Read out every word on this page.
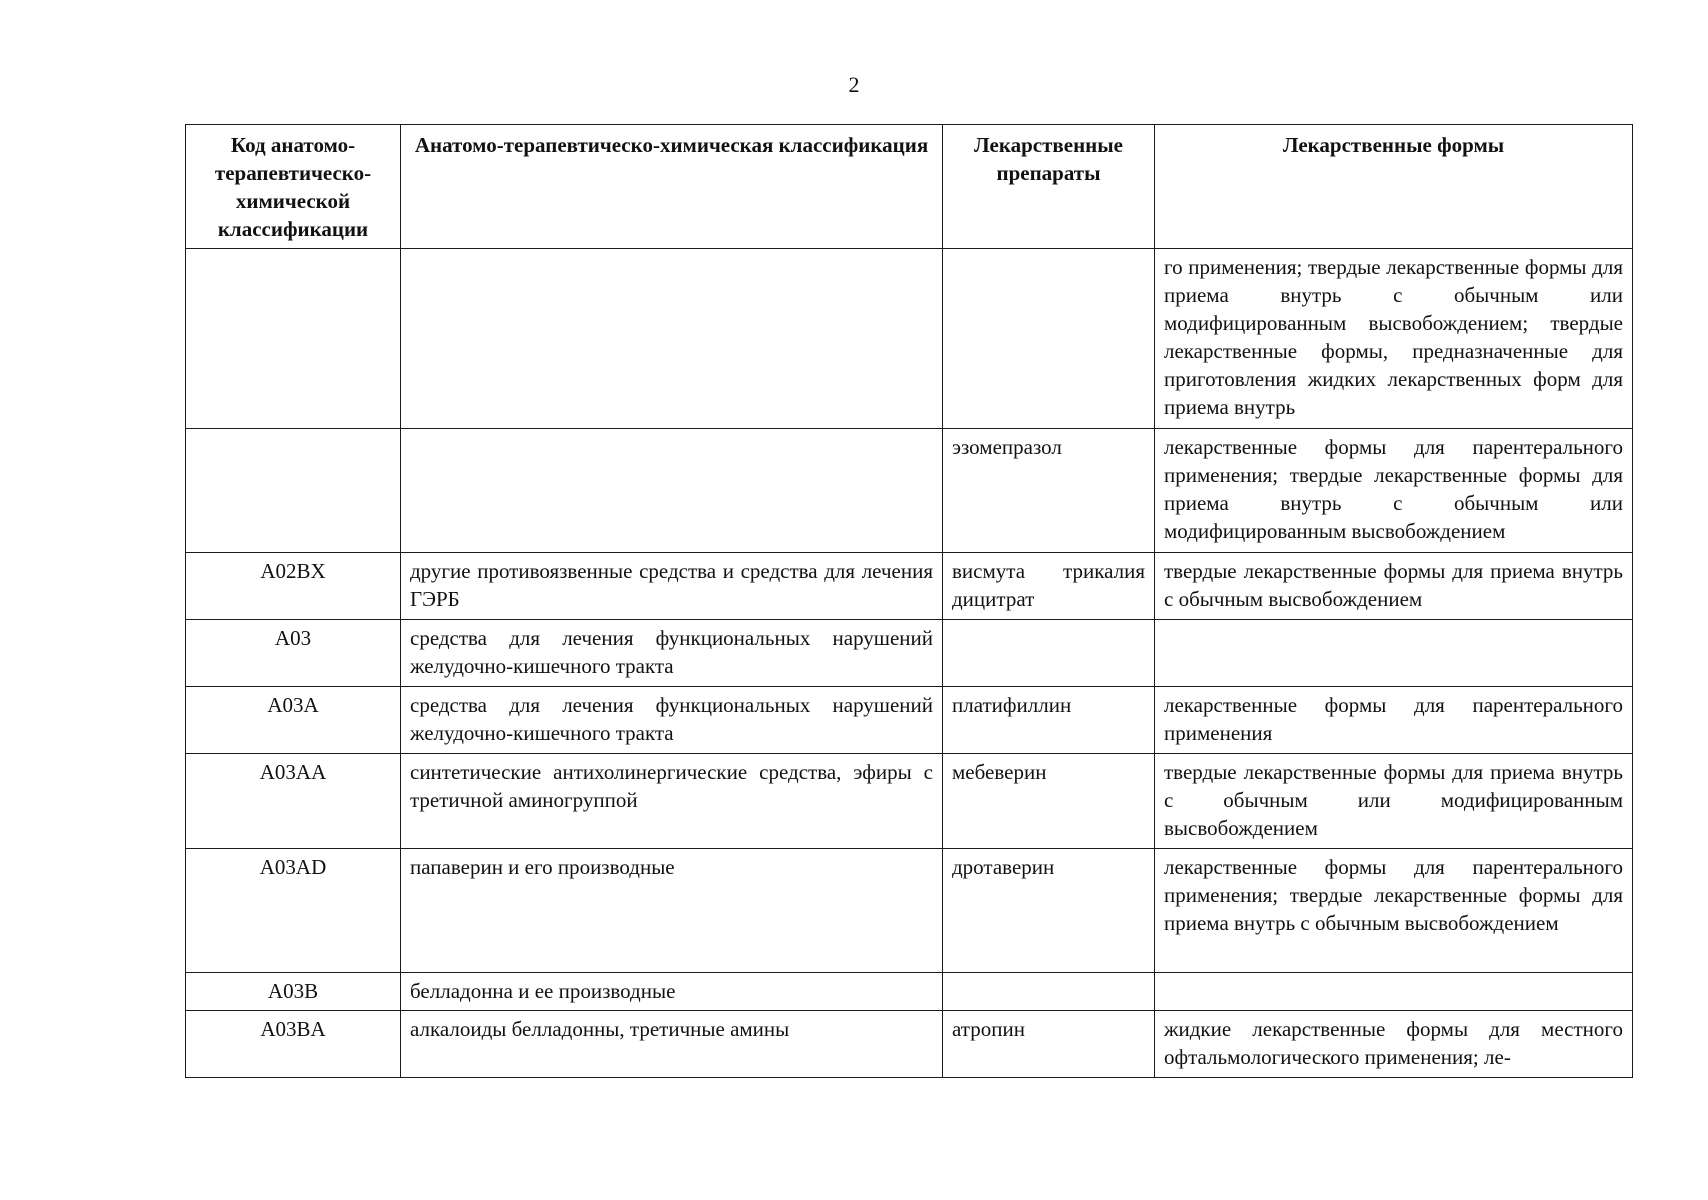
2
Код анатомо-терапевтическо-химической классификации	Анатомо-терапевтическо-химическая классификация	Лекарственные препараты	Лекарственные формы
			го применения; твердые лекарственные формы для приема внутрь с обычным или модифицированным высвобождением; твердые лекарственные формы, предназначенные для приготовления жидких лекарственных форм для приема внутрь
		эзомепразол	лекарственные формы для парентерального применения; твердые лекарственные формы для приема внутрь с обычным или модифицированным высвобождением
A02BX	другие противоязвенные средства и средства для лечения ГЭРБ	висмута трикалия дицитрат	твердые лекарственные формы для приема внутрь с обычным высвобождением
A03	средства для лечения функциональных нарушений желудочно-кишечного тракта		
A03A	средства для лечения функциональных нарушений желудочно-кишечного тракта	платифиллин	лекарственные формы для парентерального применения
A03AA	синтетические антихолинергические средства, эфиры с третичной аминогруппой	мебеверин	твердые лекарственные формы для приема внутрь с обычным или модифицированным высвобождением
A03AD	папаверин и его производные	дротаверин	лекарственные формы для парентерального применения; твердые лекарственные формы для приема внутрь с обычным высвобождением
A03B	белладонна и ее производные		
A03BA	алкалоиды белладонны, третичные амины	атропин	жидкие лекарственные формы для местного офтальмологического применения; ле-
